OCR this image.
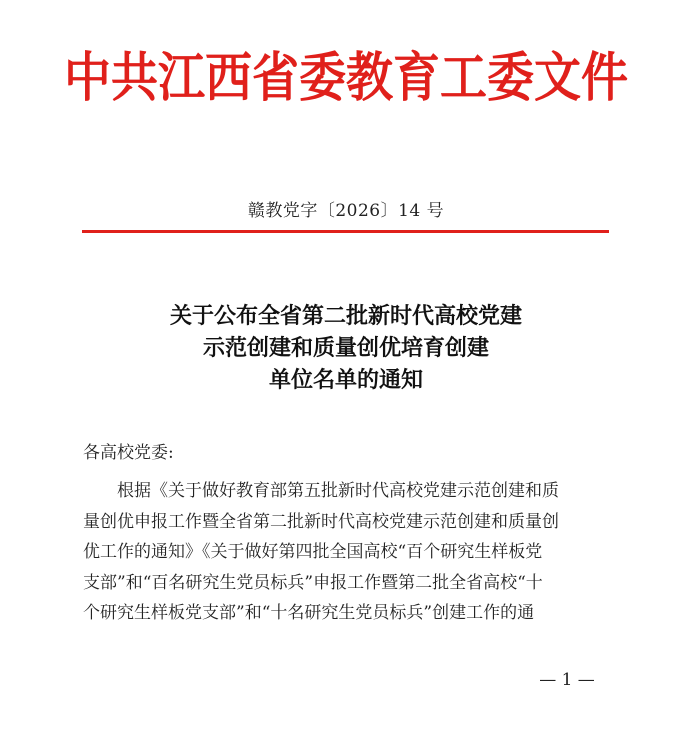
中共江西省委教育工委文件
赣教党字〔2026〕14 号
关于公布全省第二批新时代高校党建
示范创建和质量创优培育创建
单位名单的通知
各高校党委:
根据《关于做好教育部第五批新时代高校党建示范创建和质
量创优申报工作暨全省第二批新时代高校党建示范创建和质量创
优工作的通知》《关于做好第四批全国高校“百个研究生样板党
支部”和“百名研究生党员标兵”申报工作暨第二批全省高校“十
个研究生样板党支部”和“十名研究生党员标兵”创建工作的通
— 1 —
